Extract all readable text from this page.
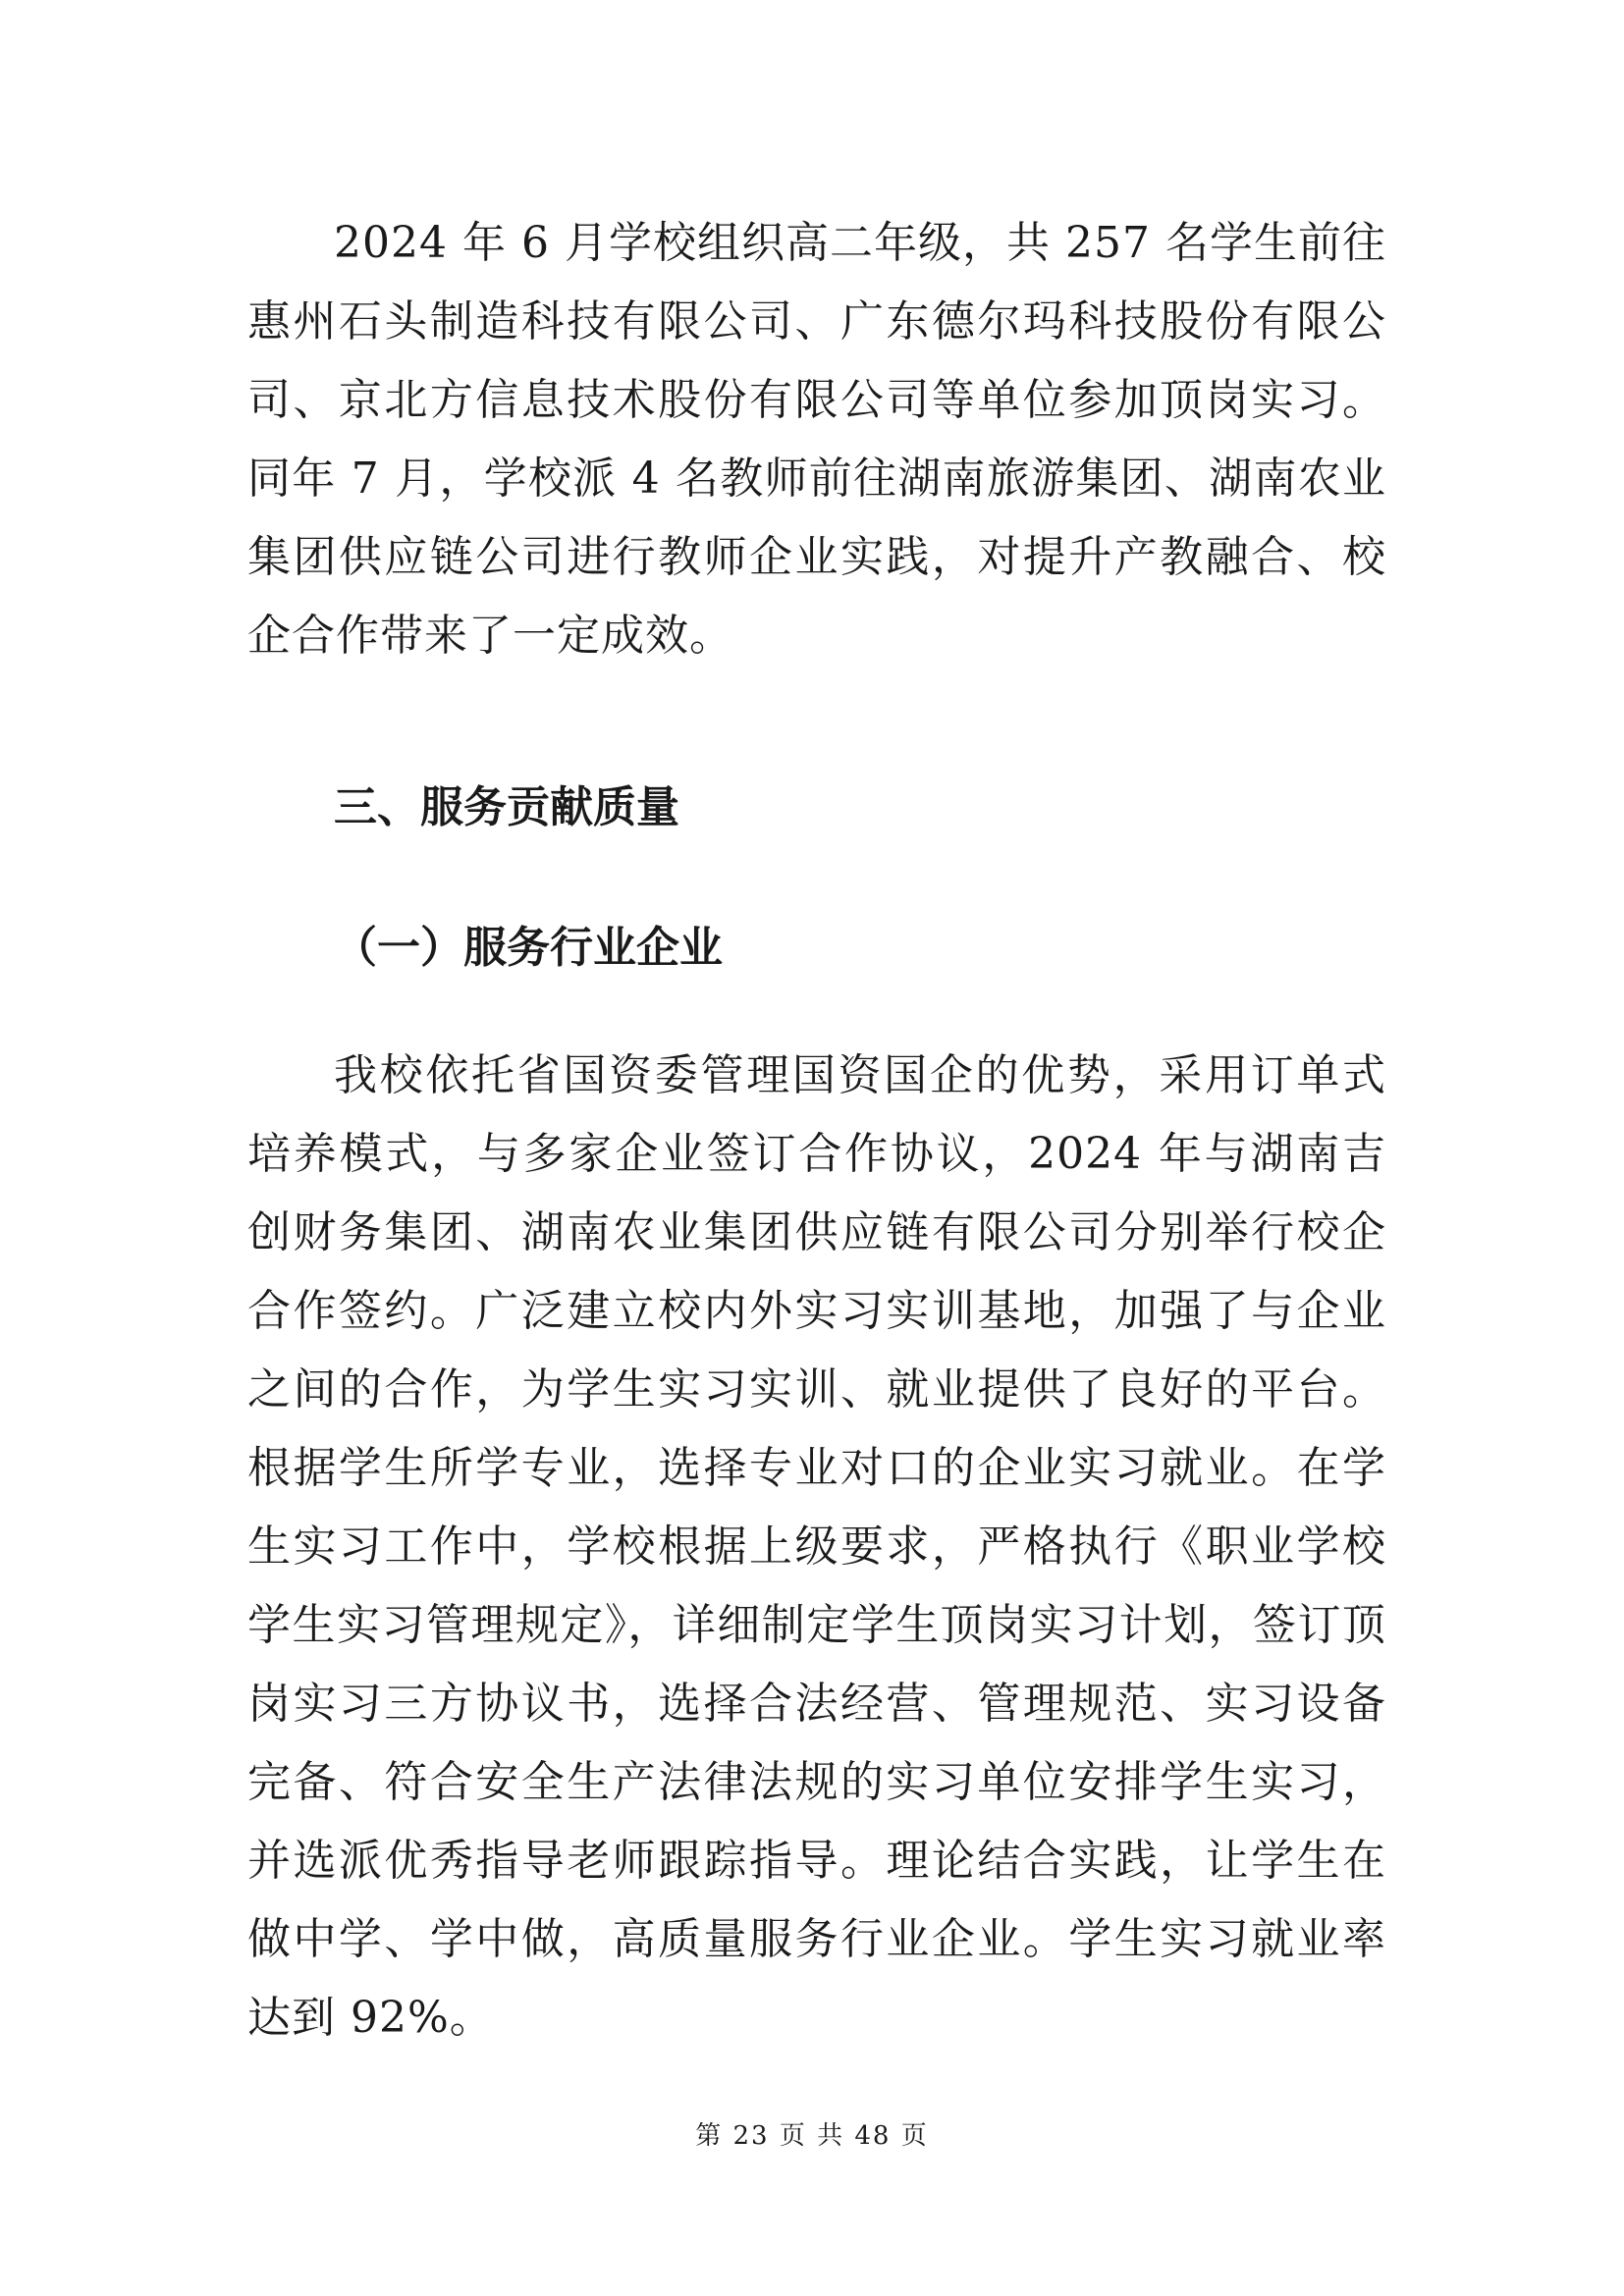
2024 年 6 月学校组织高二年级，共 257 名学生前往惠州石头制造科技有限公司、广东德尔玛科技股份有限公司、京北方信息技术股份有限公司等单位参加顶岗实习。同年 7 月，学校派 4 名教师前往湖南旅游集团、湖南农业集团供应链公司进行教师企业实践，对提升产教融合、校企合作带来了一定成效。

三、服务贡献质量
（一）服务行业企业

我校依托省国资委管理国资国企的优势，采用订单式培养模式，与多家企业签订合作协议，2024 年与湖南吉创财务集团、湖南农业集团供应链有限公司分别举行校企合作签约。广泛建立校内外实习实训基地，加强了与企业之间的合作，为学生实习实训、就业提供了良好的平台。根据学生所学专业，选择专业对口的企业实习就业。在学生实习工作中，学校根据上级要求，严格执行《职业学校学生实习管理规定》，详细制定学生顶岗实习计划，签订顶岗实习三方协议书，选择合法经营、管理规范、实习设备完备、符合安全生产法律法规的实习单位安排学生实习，并选派优秀指导老师跟踪指导。理论结合实践，让学生在做中学、学中做，高质量服务行业企业。学生实习就业率达到 92%。

第 23 页 共 48 页
